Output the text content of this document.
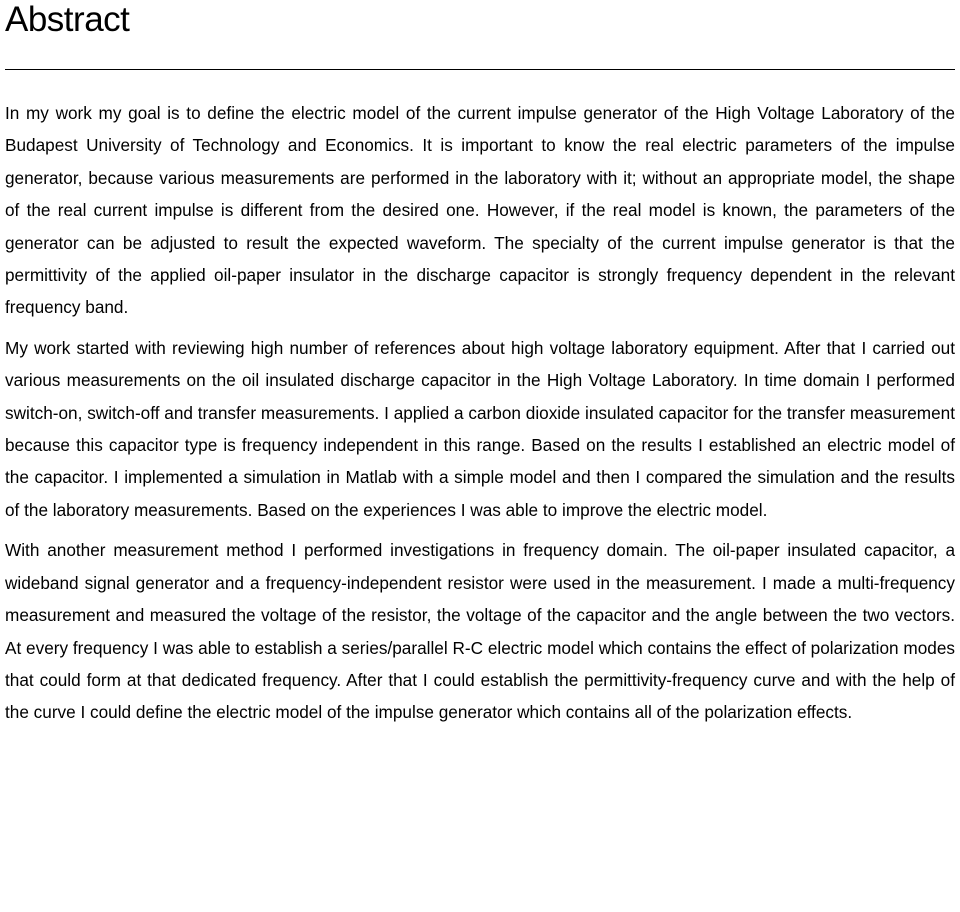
Abstract

In my work my goal is to define the electric model of the current impulse generator of the High Voltage Laboratory of the Budapest University of Technology and Economics. It is important to know the real electric parameters of the impulse generator, because various measurements are performed in the laboratory with it; without an appropriate model, the shape of the real current impulse is different from the desired one. However, if the real model is known, the parameters of the generator can be adjusted to result the expected waveform. The specialty of the current impulse generator is that the permittivity of the applied oil-paper insulator in the discharge capacitor is strongly frequency dependent in the relevant frequency band.

My work started with reviewing high number of references about high voltage laboratory equipment. After that I carried out various measurements on the oil insulated discharge capacitor in the High Voltage Laboratory. In time domain I performed switch-on, switch-off and transfer measurements. I applied a carbon dioxide insulated capacitor for the transfer measurement because this capacitor type is frequency independent in this range. Based on the results I established an electric model of the capacitor. I implemented a simulation in Matlab with a simple model and then I compared the simulation and the results of the laboratory measurements. Based on the experiences I was able to improve the electric model.

With another measurement method I performed investigations in frequency domain. The oil-paper insulated capacitor, a wideband signal generator and a frequency-independent resistor were used in the measurement. I made a multi-frequency measurement and measured the voltage of the resistor, the voltage of the capacitor and the angle between the two vectors. At every frequency I was able to establish a series/parallel R-C electric model which contains the effect of polarization modes that could form at that dedicated frequency. After that I could establish the permittivity-frequency curve and with the help of the curve I could define the electric model of the impulse generator which contains all of the polarization effects.
